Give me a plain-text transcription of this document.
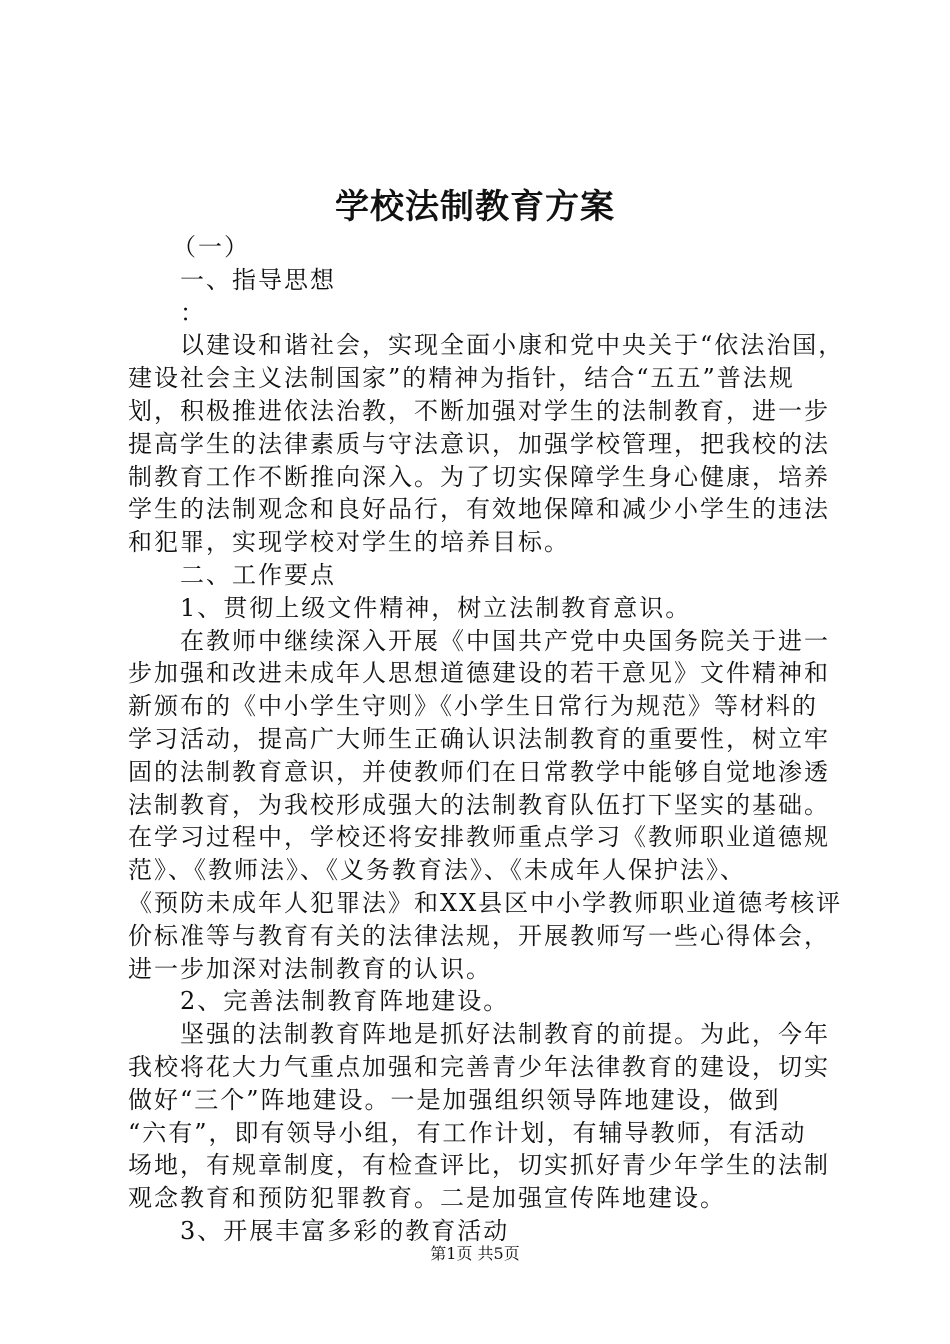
学校法制教育方案
（一）
一、指导思想
：
以建设和谐社会，实现全面小康和党中央关于“依法治国，
建设社会主义法制国家”的精神为指针，结合“五五”普法规
划，积极推进依法治教，不断加强对学生的法制教育，进一步
提高学生的法律素质与守法意识，加强学校管理，把我校的法
制教育工作不断推向深入。为了切实保障学生身心健康，培养
学生的法制观念和良好品行，有效地保障和减少小学生的违法
和犯罪，实现学校对学生的培养目标。
二、工作要点
1、贯彻上级文件精神，树立法制教育意识。
在教师中继续深入开展《中国共产党中央国务院关于进一
步加强和改进未成年人思想道德建设的若干意见》文件精神和
新颁布的《中小学生守则》《小学生日常行为规范》等材料的
学习活动，提高广大师生正确认识法制教育的重要性，树立牢
固的法制教育意识，并使教师们在日常教学中能够自觉地渗透
法制教育，为我校形成强大的法制教育队伍打下坚实的基础。
在学习过程中，学校还将安排教师重点学习《教师职业道德规
范》、《教师法》、《义务教育法》、《未成年人保护法》、
《预防未成年人犯罪法》和XX县区中小学教师职业道德考核评
价标准等与教育有关的法律法规，开展教师写一些心得体会，
进一步加深对法制教育的认识。
2、完善法制教育阵地建设。
坚强的法制教育阵地是抓好法制教育的前提。为此，今年
我校将花大力气重点加强和完善青少年法律教育的建设，切实
做好“三个”阵地建设。一是加强组织领导阵地建设，做到
“六有”，即有领导小组，有工作计划，有辅导教师，有活动
场地，有规章制度，有检查评比，切实抓好青少年学生的法制
观念教育和预防犯罪教育。二是加强宣传阵地建设。
3、开展丰富多彩的教育活动
第1页 共5页
